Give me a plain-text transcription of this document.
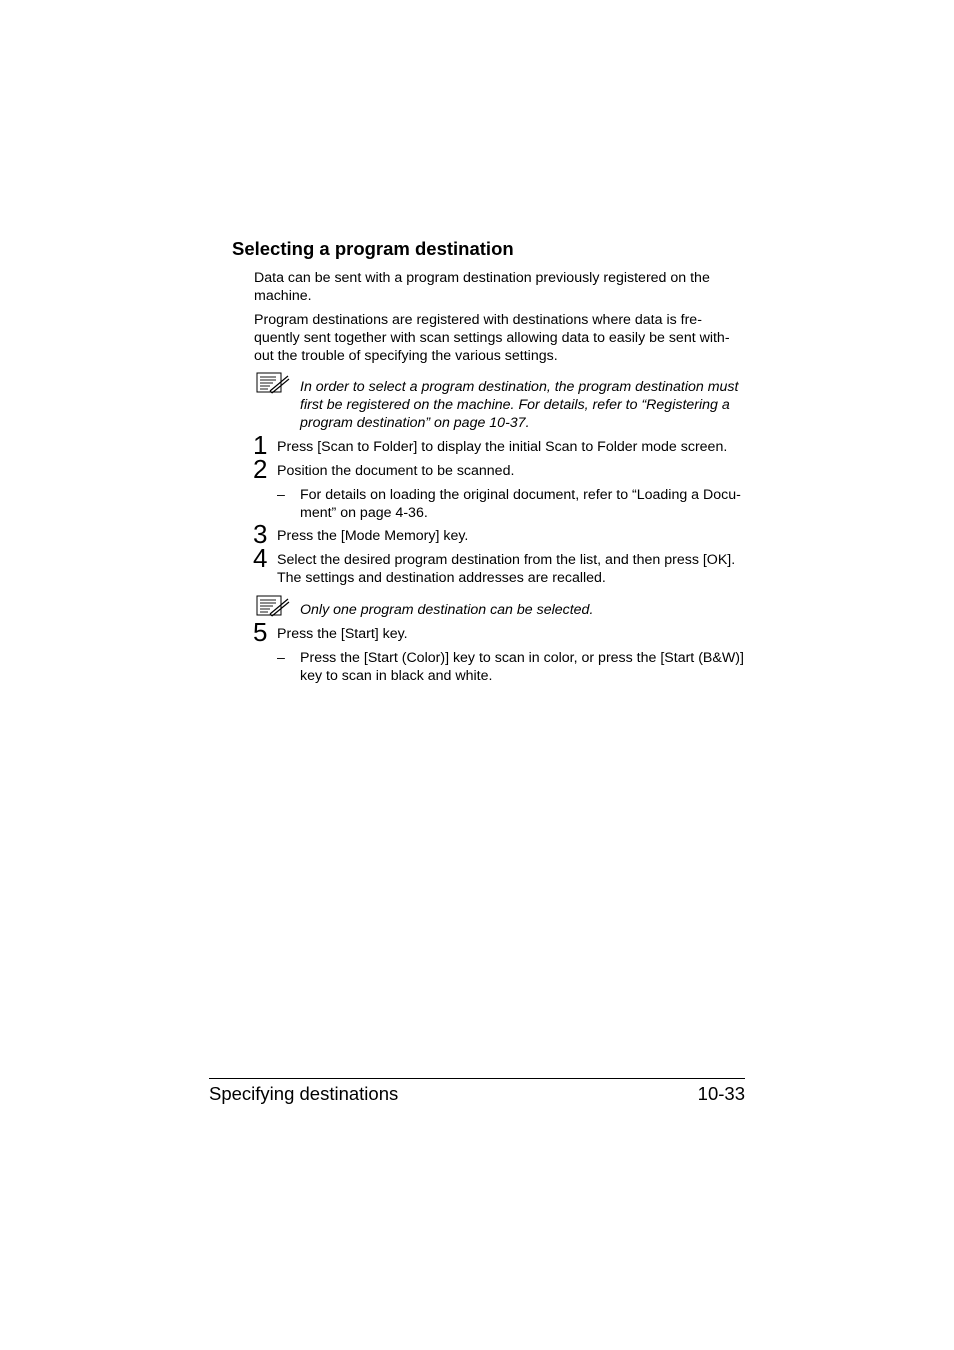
Selecting a program destination
Data can be sent with a program destination previously registered on the
machine.
Program destinations are registered with destinations where data is fre-
quently sent together with scan settings allowing data to easily be sent with-
out the trouble of specifying the various settings.
In order to select a program destination, the program destination must
first be registered on the machine. For details, refer to “Registering a
program destination” on page 10-37.
1 Press [Scan to Folder] to display the initial Scan to Folder mode screen.
2 Position the document to be scanned.
– For details on loading the original document, refer to “Loading a Docu-
ment” on page 4-36.
3 Press the [Mode Memory] key.
4 Select the desired program destination from the list, and then press [OK].
The settings and destination addresses are recalled.
Only one program destination can be selected.
5 Press the [Start] key.
– Press the [Start (Color)] key to scan in color, or press the [Start (B&W)]
key to scan in black and white.
Specifying destinations	10-33
